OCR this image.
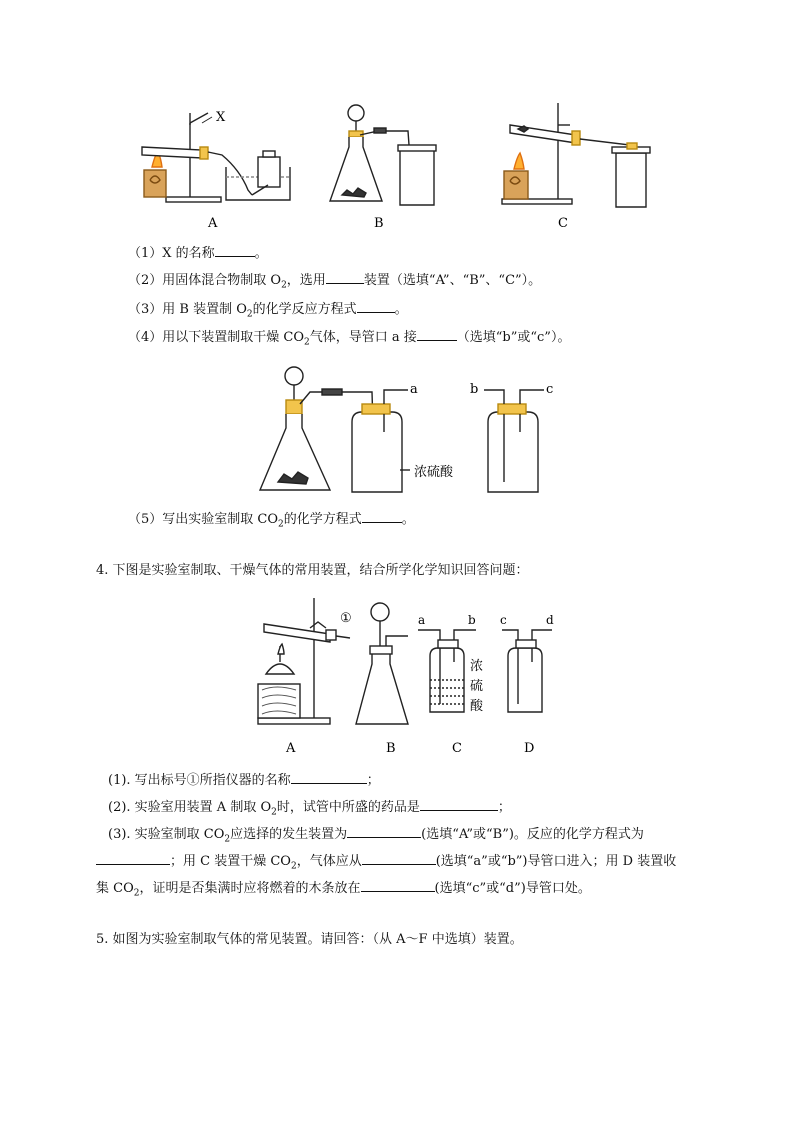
A
X
B	C
（1）X 的名称	。
（2）用固体混合物制取 $O_2$，选用	装置（选填“A”、“B”、“C”）。
（3）用 B 装置制 $O_2$的化学反应方程式	。
（4）用以下装置制取干燥 $CO_2$气体，导管口 a 接	（选填“b”或“c”）。
a	b	c
浓硫酸
（5）写出实验室制取 $CO_2$的化学方程式	。
4. 下图是实验室制取、干燥气体的常用装置，结合所学化学知识回答问题：
①	a	b c	d
浓
硫
酸
A	B	C	D
(1). 写出标号①所指仪器的名称	；
(2). 实验室用装置 A 制取 $O_2$时，试管中所盛的药品是	；
(3). 实验室制取 $CO_2$应选择的发生装置为	(选填“A”或“B”)。反应的化学方程式为
；用 C 装置干燥 $CO_2$，气体应从	(选填“a”或“b”)导管口进入；用 D 装置收
集 $CO_2$，证明是否集满时应将燃着的木条放在	(选填“c”或“d”)导管口处。
5. 如图为实验室制取气体的常见装置。请回答：（从 A～F 中选填）装置。
